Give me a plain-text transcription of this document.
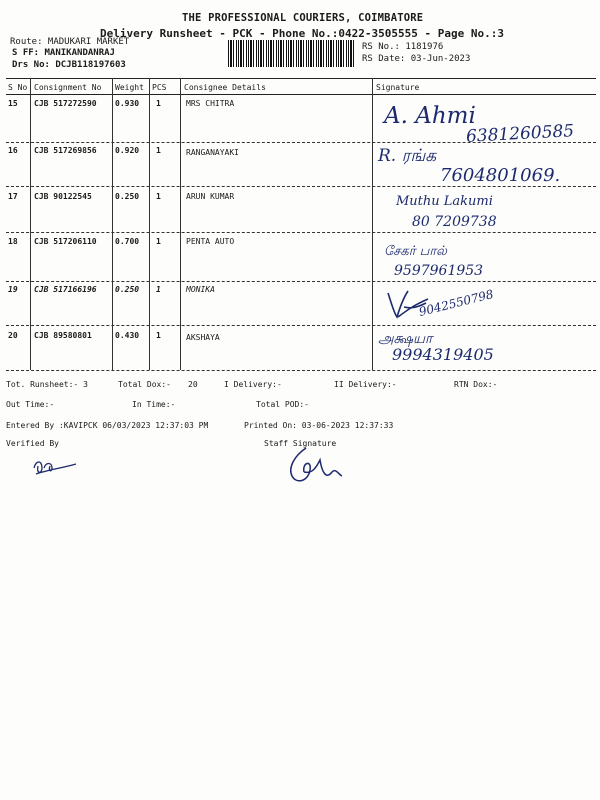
THE PROFESSIONAL COURIERS, COIMBATORE
Delivery Runsheet - PCK - Phone No.:0422-3505555 - Page No.:3
Route: MADUKARI MARKET
S FF: MANIKANDANRAJ
Drs No: DCJB118197603
RS No.: 1181976
RS Date: 03-Jun-2023
S No Consignment No Weight PCS Consignee Details	Signature
15 CJB 517272590 0.930 1	MRS CHITRA	A. Ahmi
6381260585
16 CJB 517269856 0.920 1	RANGANAYAKI	R. ரங்க
7604801069.
17 CJB 90122545	0.250 1	ARUN KUMAR	Muthu Lakumi
80 7209738
18 CJB 517206110 0.700 1	PENTA AUTO
சேகர் பால்
9597961953
19 CJB 517166196 0.250 1	MONIKA	9042550798
20 CJB 89580801	0.430 1	AKSHAYA	அக்ஷயா
9994319405
Tot. Runsheet:- 3	Total Dox:- 20	I Delivery:-	II Delivery:-	RTN Dox:-
Out Time:-	In Time:-	Total POD:-
Entered By :KAVIPCK 06/03/2023 12:37:03 PM	Printed On: 03-06-2023 12:37:33
Verified By	Staff Signature
